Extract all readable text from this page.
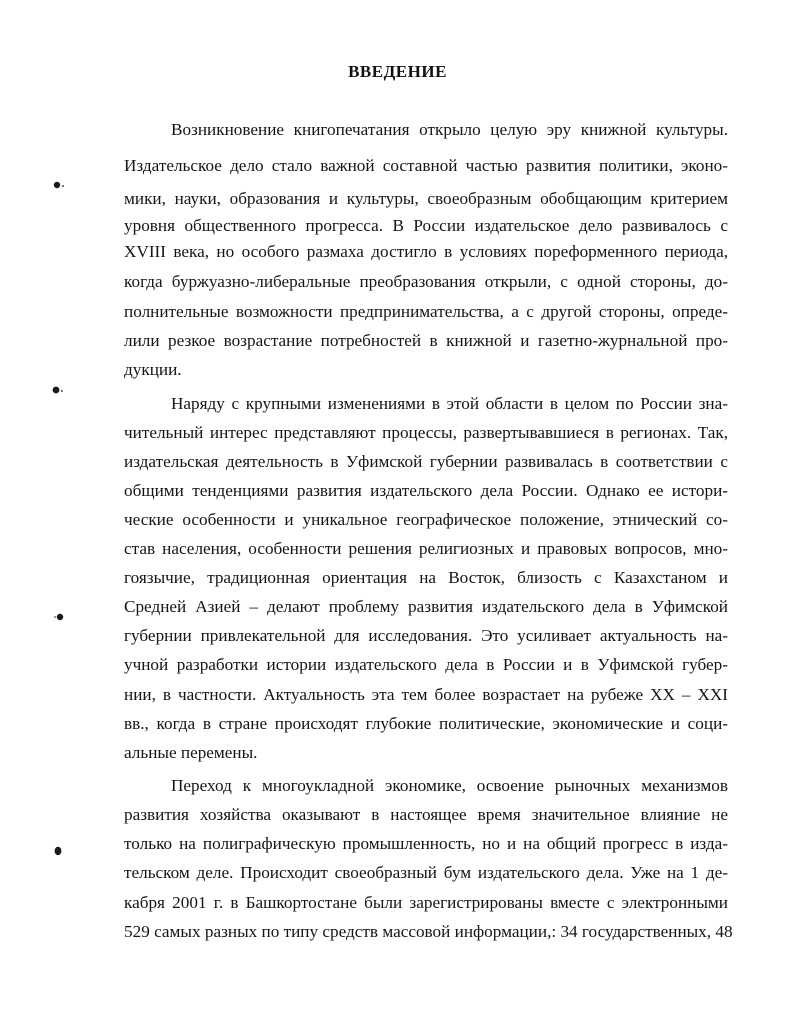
ВВЕДЕНИЕ
Возникновение книгопечатания открыло целую эру книжной культуры.
Издательское дело стало важной составной частью развития политики, эконо-
мики, науки, образования и культуры, своеобразным обобщающим критерием
уровня общественного прогресса. В России издательское дело развивалось с
XVIII века, но особого размаха достигло в условиях пореформенного периода,
когда буржуазно-либеральные преобразования открыли, с одной стороны, до-
полнительные возможности предпринимательства, а с другой стороны, опреде-
лили резкое возрастание потребностей в книжной и газетно-журнальной про-
дукции.
Наряду с крупными изменениями в этой области в целом по России зна-
чительный интерес представляют процессы, развертывавшиеся в регионах. Так,
издательская деятельность в Уфимской губернии развивалась в соответствии с
общими тенденциями развития издательского дела России. Однако ее истори-
ческие особенности и уникальное географическое положение, этнический со-
став населения, особенности решения религиозных и правовых вопросов, мно-
гоязычие, традиционная ориентация на Восток, близость с Казахстаном и
Средней Азией – делают проблему развития издательского дела в Уфимской
губернии привлекательной для исследования. Это усиливает актуальность на-
учной разработки истории издательского дела в России и в Уфимской губер-
нии, в частности. Актуальность эта тем более возрастает на рубеже XX – XXI
вв., когда в стране происходят глубокие политические, экономические и соци-
альные перемены.
Переход к многоукладной экономике, освоение рыночных механизмов
развития хозяйства оказывают в настоящее время значительное влияние не
только на полиграфическую промышленность, но и на общий прогресс в изда-
тельском деле. Происходит своеобразный бум издательского дела. Уже на 1 де-
кабря 2001 г. в Башкортостане были зарегистрированы вместе с электронными
529 самых разных по типу средств массовой информации,: 34 государственных, 48
